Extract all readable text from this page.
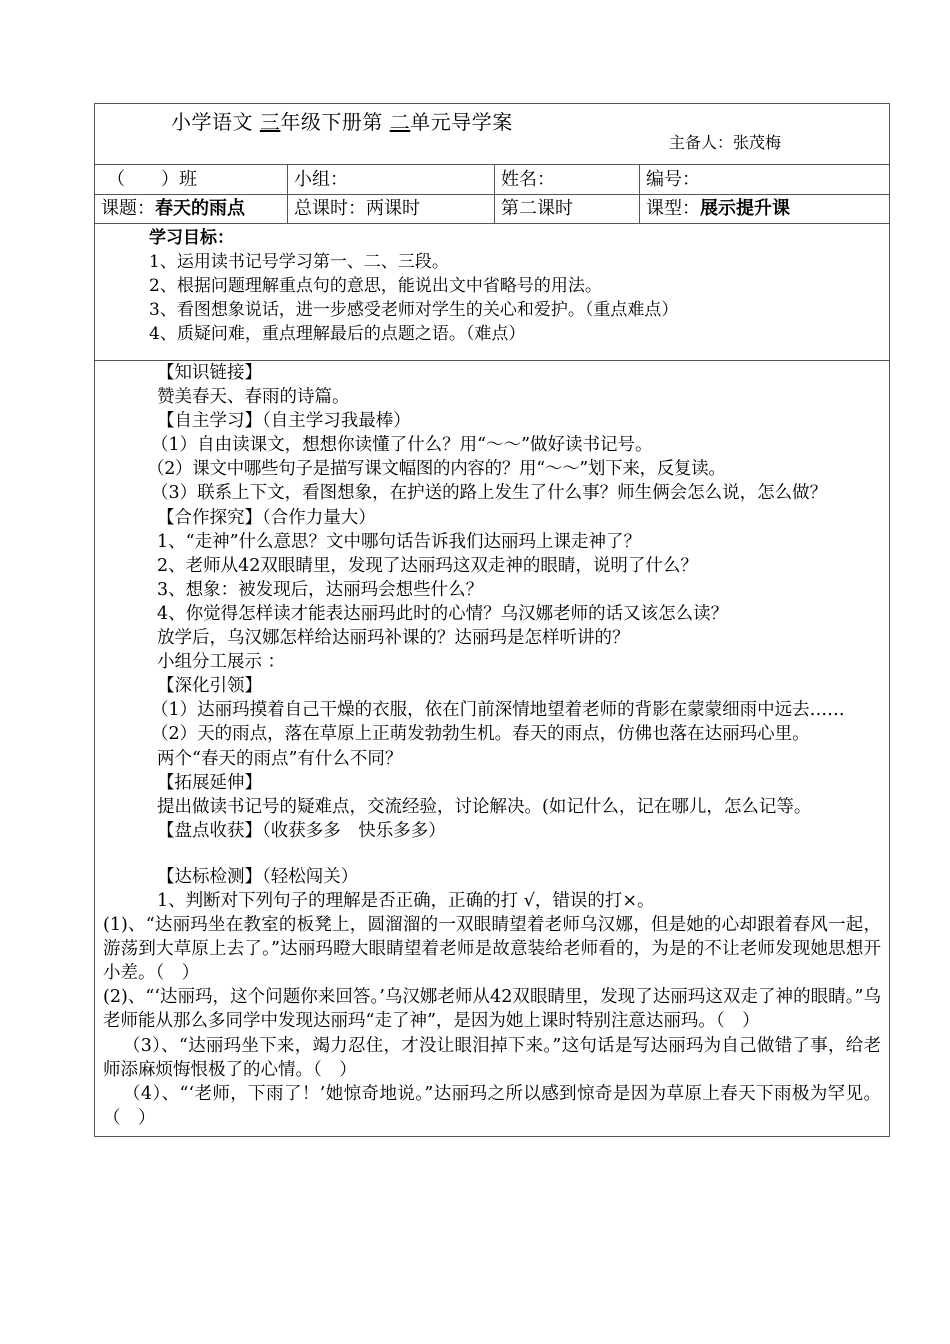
小学语文 三年级下册第 二单元导学案
主备人：张茂梅
（　　）班	小组：	姓名：	编号：
课题：春天的雨点	总课时：两课时	第二课时	课型：展示提升课
学习目标：
1、运用读书记号学习第一、二、三段。
2、根据问题理解重点句的意思，能说出文中省略号的用法。
3、看图想象说话，进一步感受老师对学生的关心和爱护。（重点难点）
4、质疑问难，重点理解最后的点题之语。（难点）

【知识链接】

赞美春天、春雨的诗篇。

【自主学习】（自主学习我最棒）

（1）自由读课文，想想你读懂了什么？用“～～”做好读书记号。

（2）课文中哪些句子是描写课文幅图的内容的？用“～～”划下来，反复读。

（3）联系上下文，看图想象，在护送的路上发生了什么事？师生俩会怎么说，怎么做？

【合作探究】（合作力量大）

1、“走神”什么意思？文中哪句话告诉我们达丽玛上课走神了？

2、老师从42双眼睛里，发现了达丽玛这双走神的眼睛，说明了什么？

3、想象：被发现后，达丽玛会想些什么？

4、你觉得怎样读才能表达丽玛此时的心情？乌汉娜老师的话又该怎么读？

放学后，乌汉娜怎样给达丽玛补课的？达丽玛是怎样听讲的？

小组分工展示 ：

【深化引领】

（1）达丽玛摸着自己干燥的衣服，依在门前深情地望着老师的背影在蒙蒙细雨中远去……

（2）天的雨点，落在草原上正萌发勃勃生机。春天的雨点，仿佛也落在达丽玛心里。

两个“春天的雨点”有什么不同？

【拓展延伸】

提出做读书记号的疑难点，交流经验，讨论解决。(如记什么，记在哪儿，怎么记等。

【盘点收获】（收获多多　快乐多多）

【达标检测】（轻松闯关）

1、判断对下列句子的理解是否正确，正确的打 √，错误的打×。

(1)、“达丽玛坐在教室的板凳上，圆溜溜的一双眼睛望着老师乌汉娜，但是她的心却跟着春风一起，游荡到大草原上去了。”达丽玛瞪大眼睛望着老师是故意装给老师看的，为是的不让老师发现她思想开小差。（　）

(2)、“‘达丽玛，这个问题你来回答。’乌汉娜老师从42双眼睛里，发现了达丽玛这双走了神的眼睛。”乌老师能从那么多同学中发现达丽玛“走了神”，是因为她上课时特别注意达丽玛。（　）

（3）、“达丽玛坐下来，竭力忍住，才没让眼泪掉下来。”这句话是写达丽玛为自己做错了事，给老师添麻烦悔恨极了的心情。（　）

（4）、“‘老师，下雨了！’她惊奇地说。”达丽玛之所以感到惊奇是因为草原上春天下雨极为罕见。（　）
